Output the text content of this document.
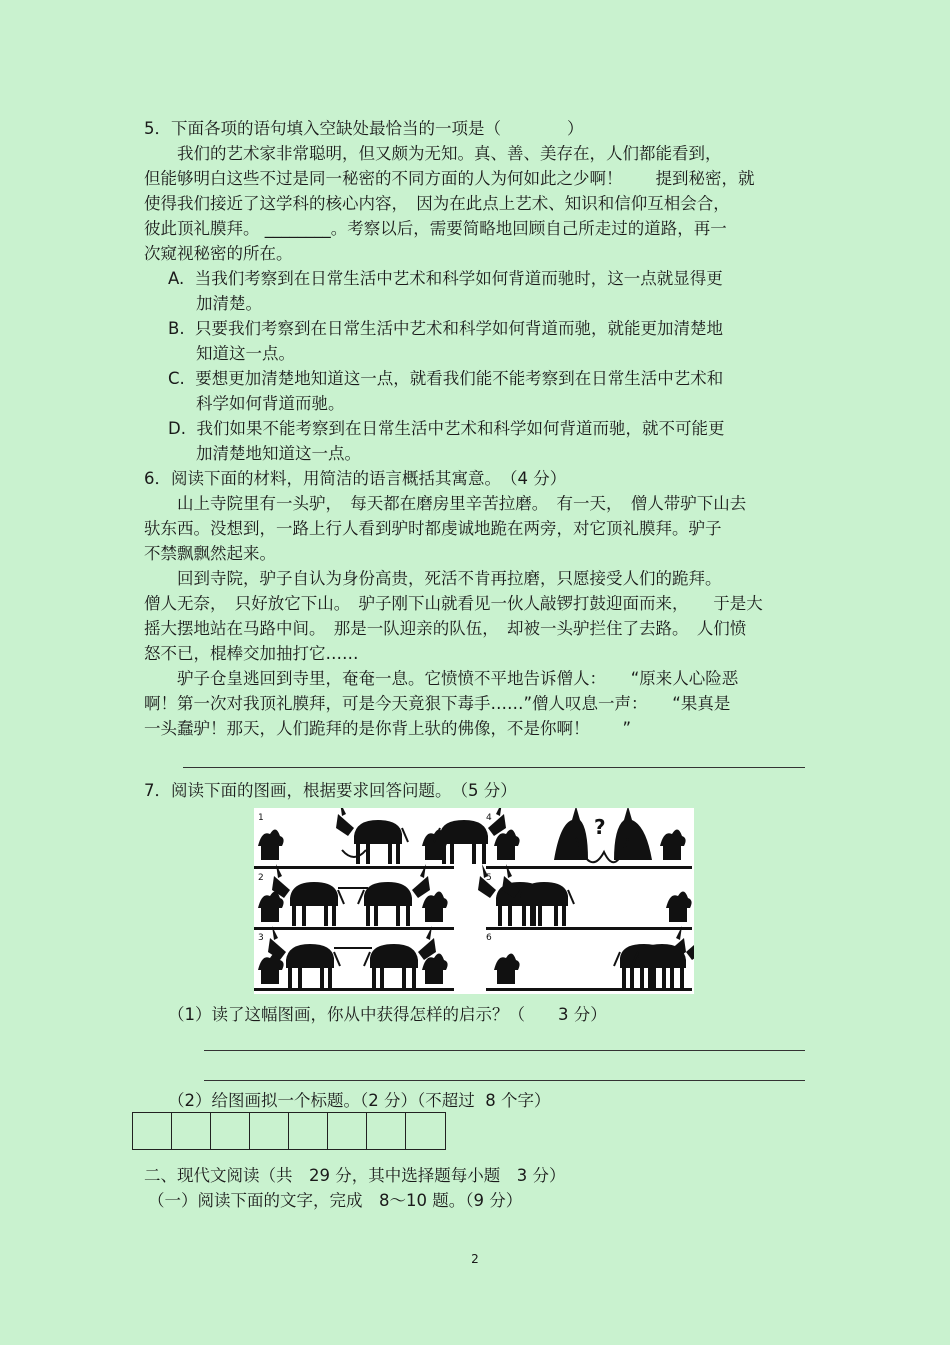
5．下面各项的语句填入空缺处最恰当的一项是（　　　　）
　　我们的艺术家非常聪明，但又颇为无知。真、善、美存在，人们都能看到，
但能够明白这些不过是同一秘密的不同方面的人为何如此之少啊！　　提到秘密，就
使得我们接近了这学科的核心内容，　因为在此点上艺术、知识和信仰互相会合，
彼此顶礼膜拜。 ________。考察以后，需要简略地回顾自己所走过的道路，再一
次窥视秘密的所在。
A.  当我们考察到在日常生活中艺术和科学如何背道而驰时，这一点就显得更
加清楚。
B.  只要我们考察到在日常生活中艺术和科学如何背道而驰，就能更加清楚地
知道这一点。
C.  要想更加清楚地知道这一点，就看我们能不能考察到在日常生活中艺术和
科学如何背道而驰。
D.  我们如果不能考察到在日常生活中艺术和科学如何背道而驰，就不可能更
加清楚地知道这一点。
6．阅读下面的材料，用简洁的语言概括其寓意。　（4 分）
　　山上寺院里有一头驴，　每天都在磨房里辛苦拉磨。　有一天，　僧人带驴下山去
驮东西。没想到，一路上行人看到驴时都虔诚地跪在两旁，对它顶礼膜拜。驴子
不禁飘飘然起来。
　　回到寺院，驴子自认为身份高贵，死活不肯再拉磨，只愿接受人们的跪拜。
僧人无奈，　只好放它下山。　驴子刚下山就看见一伙人敲锣打鼓迎面而来，　　于是大
摇大摆地站在马路中间。　那是一队迎亲的队伍，　却被一头驴拦住了去路。　人们愤
怒不已，棍棒交加抽打它……
　　驴子仓皇逃回到寺里，奄奄一息。它愤愤不平地告诉僧人：　　“原来人心险恶
啊！第一次对我顶礼膜拜，可是今天竟狠下毒手……”僧人叹息一声：　　“果真是
一头蠢驴！那天，人们跪拜的是你背上驮的佛像，不是你啊！　　”
7．阅读下面的图画，根据要求回答问题。　（5 分）
1
2
3
4	?
5
6
（1）读了这幅图画，你从中获得怎样的启示？（　　3 分）
（2）给图画拟一个标题。（2 分）（不超过  8 个字）
二、现代文阅读（共　29 分，其中选择题每小题　3 分）
（一）阅读下面的文字，完成　8～10 题。（9 分）
2
